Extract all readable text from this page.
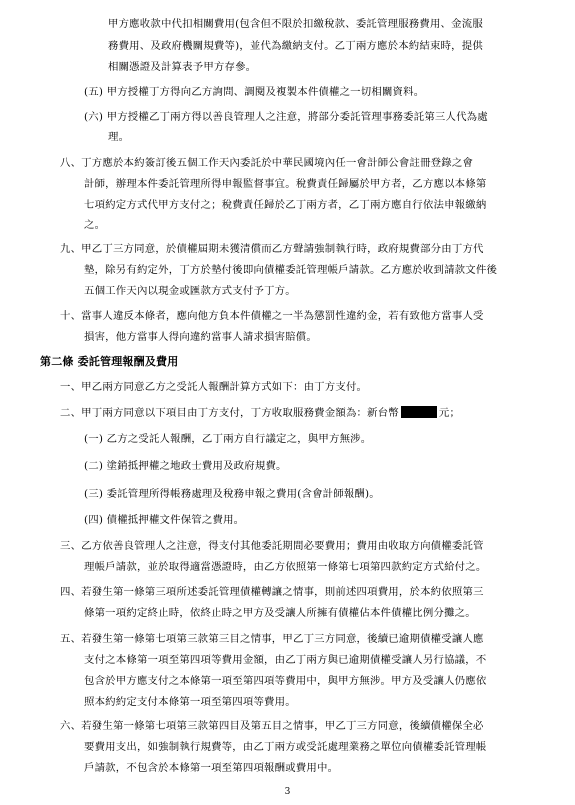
甲方應收款中代扣相關費用(包含但不限於扣繳稅款、委託管理服務費用、金流服
務費用、及政府機關規費等)，並代為繳納支付。乙丁兩方應於本約結束時，提供
相關憑證及計算表予甲方存參。
(五) 甲方授權丁方得向乙方詢問、調閱及複製本件債權之一切相關資料。
(六) 甲方授權乙丁兩方得以善良管理人之注意，將部分委託管理事務委託第三人代為處
理。
八、丁方應於本約簽訂後五個工作天內委託於中華民國境內任一會計師公會註冊登錄之會
計師，辦理本件委託管理所得申報監督事宜。稅費責任歸屬於甲方者，乙方應以本條第
七項約定方式代甲方支付之；稅費責任歸於乙丁兩方者，乙丁兩方應自行依法申報繳納
之。
九、甲乙丁三方同意，於債權屆期未獲清償而乙方聲請強制執行時，政府規費部分由丁方代
墊，除另有約定外，丁方於墊付後即向債權委託管理帳戶請款。乙方應於收到請款文件後
五個工作天內以現金或匯款方式支付予丁方。
十、當事人違反本條者，應向他方負本件債權之一半為懲罰性違約金，若有致他方當事人受
損害，他方當事人得向違約當事人請求損害賠償。
第二條 委託管理報酬及費用
一、甲乙兩方同意乙方之受託人報酬計算方式如下：由丁方支付。
二、甲丁兩方同意以下項目由丁方支付，丁方收取服務費金額為：新台幣	元；
(一) 乙方之受託人報酬，乙丁兩方自行議定之，與甲方無涉。
(二) 塗銷抵押權之地政士費用及政府規費。
(三) 委託管理所得帳務處理及稅務申報之費用(含會計師報酬)。
(四) 債權抵押權文件保管之費用。
三、乙方依善良管理人之注意，得支付其他委託期間必要費用；費用由收取方向債權委託管
理帳戶請款，並於取得適當憑證時，由乙方依照第一條第七項第四款約定方式給付之。
四、若發生第一條第三項所述委託管理債權轉讓之情事，則前述四項費用，於本約依照第三
條第一項約定終止時，依終止時之甲方及受讓人所擁有債權佔本件債權比例分攤之。
五、若發生第一條第七項第三款第三目之情事，甲乙丁三方同意，後續已逾期債權受讓人應
支付之本條第一項至第四項等費用金額，由乙丁兩方與已逾期債權受讓人另行協議，不
包含於甲方應支付之本條第一項至第四項等費用中，與甲方無涉。甲方及受讓人仍應依
照本約約定支付本條第一項至第四項等費用。
六、若發生第一條第七項第三款第四目及第五目之情事，甲乙丁三方同意，後續債權保全必
要費用支出，如強制執行規費等，由乙丁兩方或受託處理業務之單位向債權委託管理帳
戶請款，不包含於本條第一項至第四項報酬或費用中。
3
